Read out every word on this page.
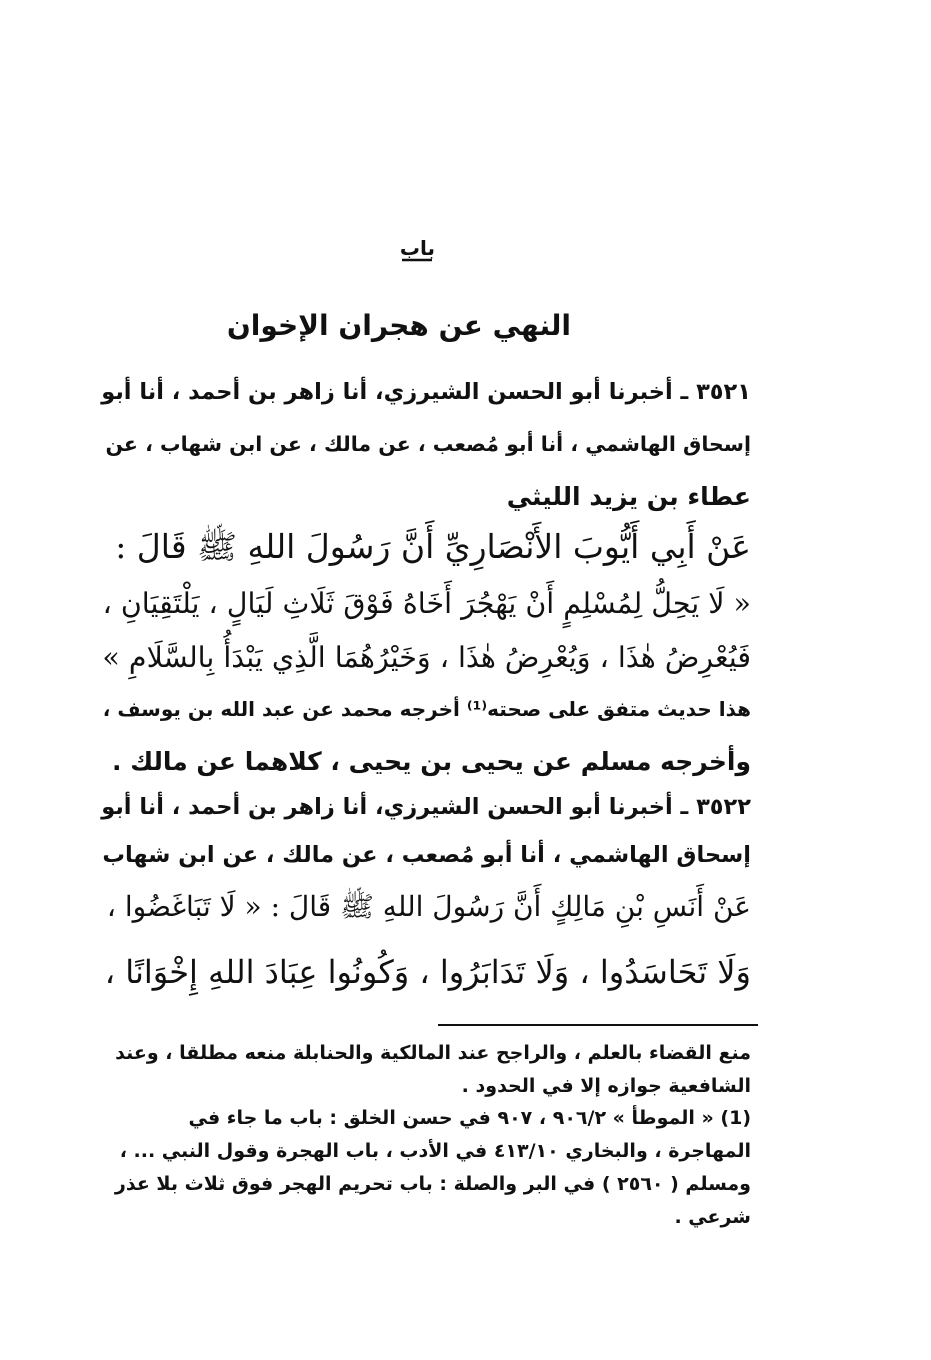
باب
النهي عن هجران الإخوان
٣٥٢١ ـ أخبرنا أبو الحسن الشيرزي، أنا زاهر بن أحمد ، أنا أبو
إسحاق الهاشمي ، أنا أبو مُصعب ، عن مالك ، عن ابن شهاب ، عن
عطاء بن يزيد الليثي
عَنْ أَبِي أَيُّوبَ الأَنْصَارِيِّ أَنَّ رَسُولَ اللهِ ﷺ قَالَ :
« لَا يَحِلُّ لِمُسْلِمٍ أَنْ يَهْجُرَ أَخَاهُ فَوْقَ ثَلَاثِ لَيَالٍ ، يَلْتَقِيَانِ ،
فَيُعْرِضُ هٰذَا ، وَيُعْرِضُ هٰذَا ، وَخَيْرُهُمَا الَّذِي يَبْدَأُ بِالسَّلَامِ »
هذا حديث متفق على صحته⁽¹⁾ أخرجه محمد عن عبد الله بن يوسف ،
وأخرجه مسلم عن يحيى بن يحيى ، كلاهما عن مالك .
٣٥٢٢ ـ أخبرنا أبو الحسن الشيرزي، أنا زاهر بن أحمد ، أنا أبو
إسحاق الهاشمي ، أنا أبو مُصعب ، عن مالك ، عن ابن شهاب
عَنْ أَنَسِ بْنِ مَالِكٍ أَنَّ رَسُولَ اللهِ ﷺ قَالَ : « لَا تَبَاغَضُوا ،
وَلَا تَحَاسَدُوا ، وَلَا تَدَابَرُوا ، وَكُونُوا عِبَادَ اللهِ إِخْوَانًا ،
منع القضاء بالعلم ، والراجح عند المالكية والحنابلة منعه مطلقا ، وعند
الشافعية جوازه إلا في الحدود .
(1) « الموطأ » ٩٠٦/٢ ، ٩٠٧ في حسن الخلق : باب ما جاء في
المهاجرة ، والبخاري ٤١٣/١٠ في الأدب ، باب الهجرة وقول النبي ... ،
ومسلم ( ٢٥٦٠ ) في البر والصلة : باب تحريم الهجر فوق ثلاث بلا عذر
شرعي .
